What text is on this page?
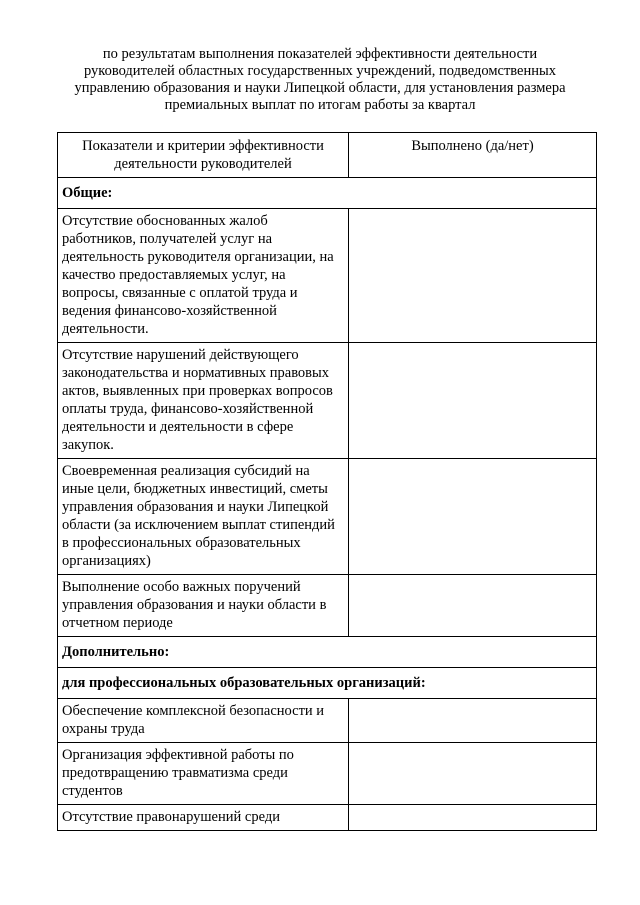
по результатам выполнения показателей эффективности деятельности
руководителей областных государственных учреждений, подведомственных
управлению образования и науки Липецкой области, для установления размера
премиальных выплат по итогам работы за квартал
Показатели и критерии эффективности деятельности руководителей	Выполнено (да/нет)
Общие:	
Отсутствие обоснованных жалоб работников, получателей услуг на деятельность руководителя организации, на качество предоставляемых услуг, на вопросы, связанные с оплатой труда и ведения финансово-хозяйственной деятельности.	
Отсутствие нарушений действующего законодательства и нормативных правовых актов, выявленных при проверках вопросов оплаты труда, финансово-хозяйственной деятельности и деятельности в сфере закупок.	
Своевременная реализация субсидий на иные цели, бюджетных инвестиций, сметы управления образования и науки Липецкой области (за исключением выплат стипендий в профессиональных образовательных организациях)	
Выполнение особо важных поручений управления образования и науки области в отчетном периоде	
Дополнительно:	
для профессиональных образовательных организаций:	
Обеспечение комплексной безопасности и охраны труда	
Организация эффективной работы по предотвращению травматизма среди студентов	
Отсутствие правонарушений среди	
